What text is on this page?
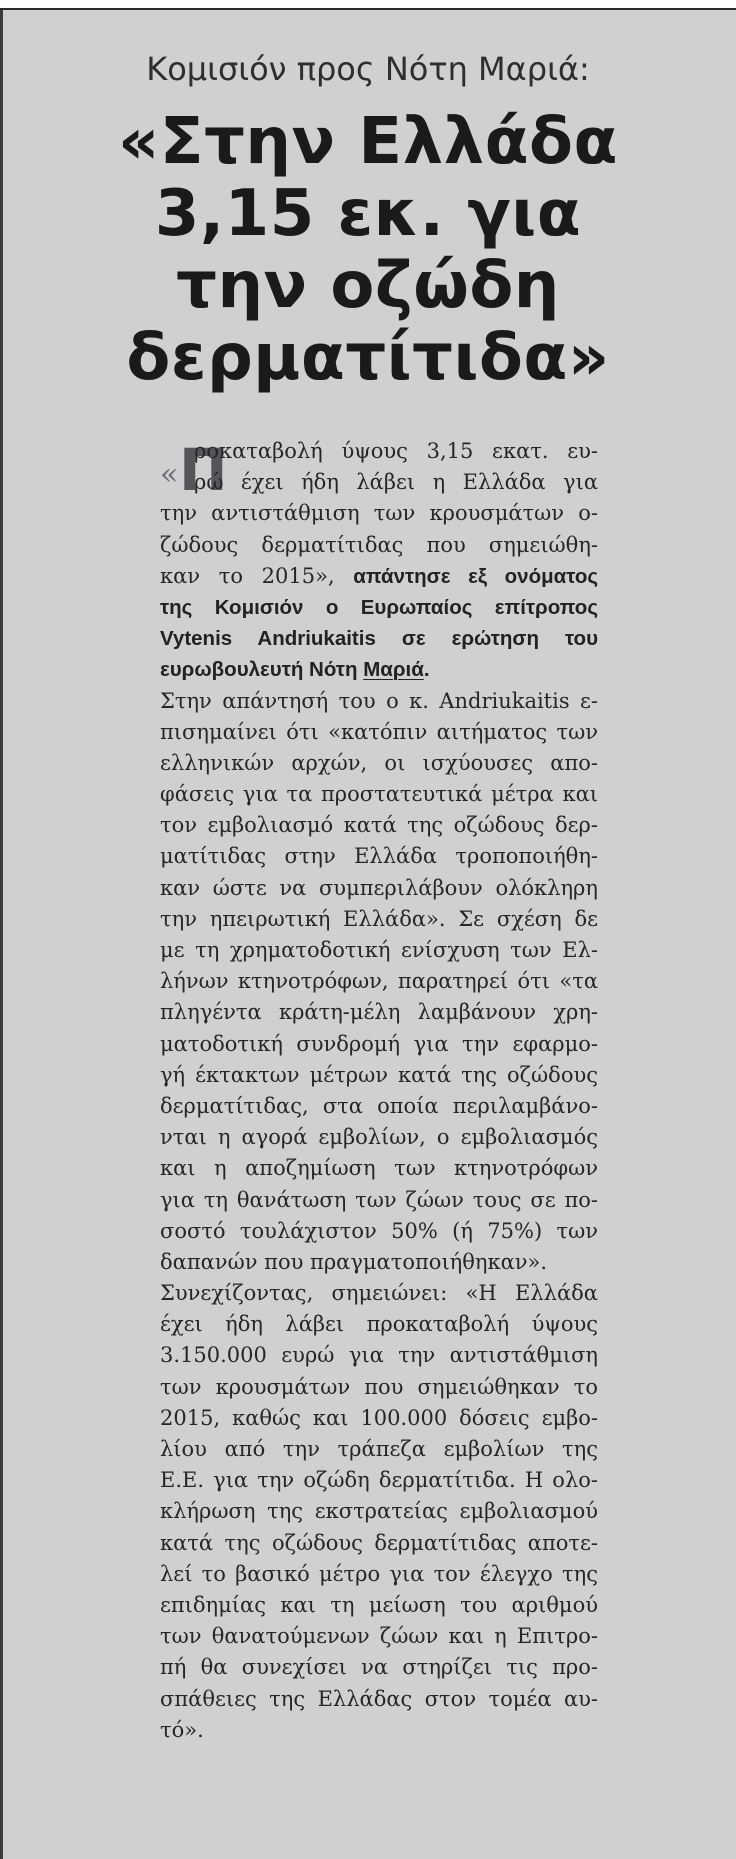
Κομισιόν προς Νότη Μαριά:
«Στην Ελλάδα
3,15 εκ. για
την οζώδη
δερματίτιδα»
« Π
ροκαταβολή ύψους 3,15 εκατ. ευ-
ρώ έχει ήδη λάβει η Ελλάδα για
την αντιστάθμιση των κρουσμάτων ο-
ζώδους δερματίτιδας που σημειώθη-
καν το 2015», απάντησε εξ ονόματος
της Κομισιόν ο Ευρωπαίος επίτροπος
Vytenis Andriukaitis σε ερώτηση του
ευρωβουλευτή Νότη Μαριά.
Στην απάντησή του ο κ. Andriukaitis ε-
πισημαίνει ότι «κατόπιν αιτήματος των
ελληνικών αρχών, οι ισχύουσες απο-
φάσεις για τα προστατευτικά μέτρα και
τον εμβολιασμό κατά της οζώδους δερ-
ματίτιδας στην Ελλάδα τροποποιήθη-
καν ώστε να συμπεριλάβουν ολόκληρη
την ηπειρωτική Ελλάδα». Σε σχέση δε
με τη χρηματοδοτική ενίσχυση των Ελ-
λήνων κτηνοτρόφων, παρατηρεί ότι «τα
πληγέντα κράτη-μέλη λαμβάνουν χρη-
ματοδοτική συνδρομή για την εφαρμο-
γή έκτακτων μέτρων κατά της οζώδους
δερματίτιδας, στα οποία περιλαμβάνο-
νται η αγορά εμβολίων, ο εμβολιασμός
και η αποζημίωση των κτηνοτρόφων
για τη θανάτωση των ζώων τους σε πο-
σοστό τουλάχιστον 50% (ή 75%) των
δαπανών που πραγματοποιήθηκαν».
Συνεχίζοντας, σημειώνει: «Η Ελλάδα
έχει ήδη λάβει προκαταβολή ύψους
3.150.000 ευρώ για την αντιστάθμιση
των κρουσμάτων που σημειώθηκαν το
2015, καθώς και 100.000 δόσεις εμβο-
λίου από την τράπεζα εμβολίων της
Ε.Ε. για την οζώδη δερματίτιδα. Η ολο-
κλήρωση της εκστρατείας εμβολιασμού
κατά της οζώδους δερματίτιδας αποτε-
λεί το βασικό μέτρο για τον έλεγχο της
επιδημίας και τη μείωση του αριθμού
των θανατούμενων ζώων και η Επιτρο-
πή θα συνεχίσει να στηρίζει τις προ-
σπάθειες της Ελλάδας στον τομέα αυ-
τό».
